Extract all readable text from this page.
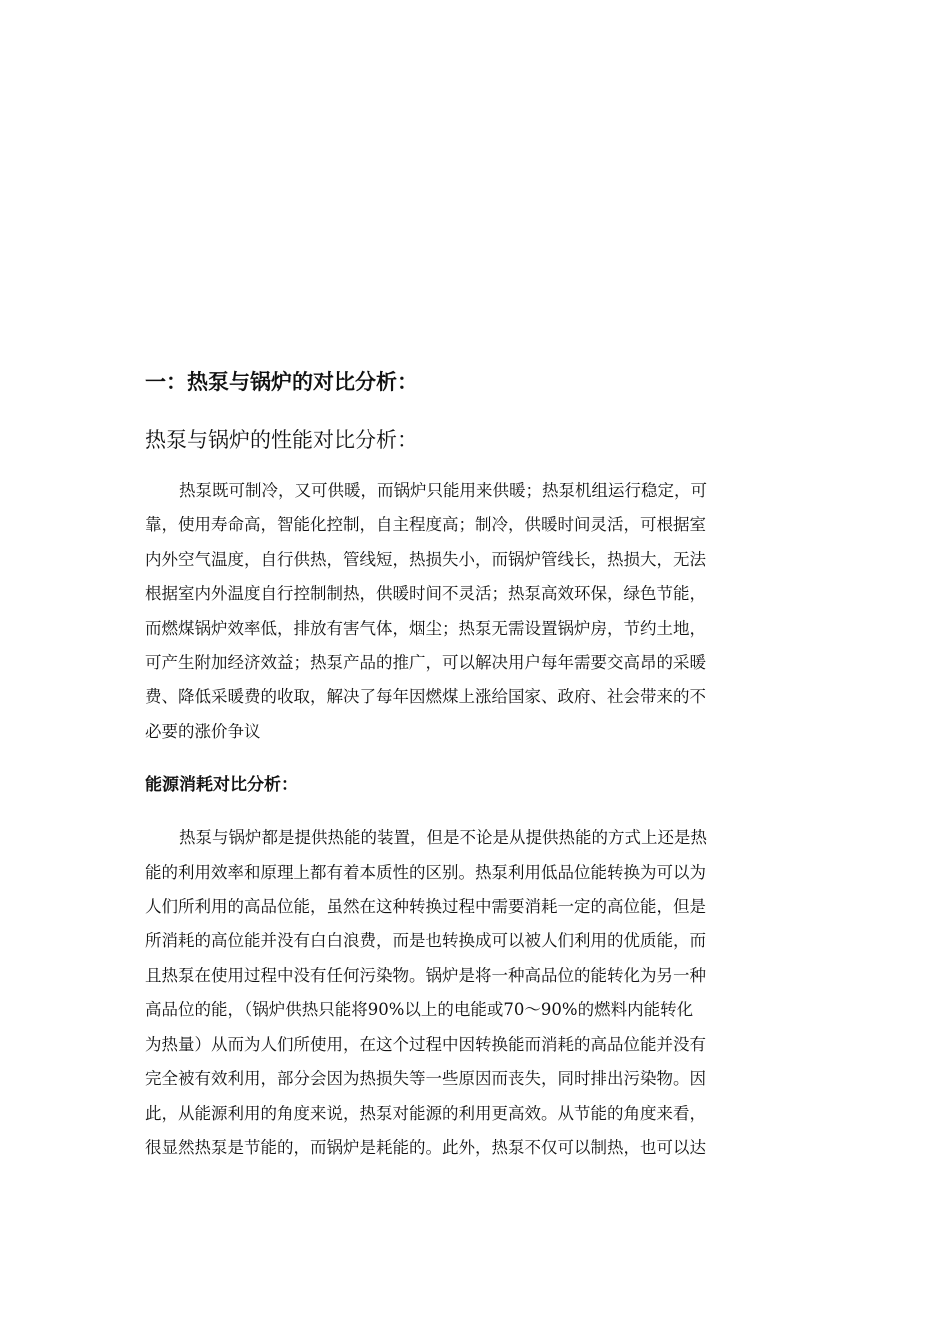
一：热泵与锅炉的对比分析：
热泵与锅炉的性能对比分析：

热泵既可制冷，又可供暖，而锅炉只能用来供暖；热泵机组运行稳定，可
靠，使用寿命高，智能化控制，自主程度高；制冷，供暖时间灵活，可根据室
内外空气温度，自行供热，管线短，热损失小，而锅炉管线长，热损大，无法
根据室内外温度自行控制制热，供暖时间不灵活；热泵高效环保，绿色节能，
而燃煤锅炉效率低，排放有害气体，烟尘；热泵无需设置锅炉房，节约土地，
可产生附加经济效益；热泵产品的推广，可以解决用户每年需要交高昂的采暖
费、降低采暖费的收取，解决了每年因燃煤上涨给国家、政府、社会带来的不
必要的涨价争议

能源消耗对比分析：

热泵与锅炉都是提供热能的装置，但是不论是从提供热能的方式上还是热
能的利用效率和原理上都有着本质性的区别。热泵利用低品位能转换为可以为
人们所利用的高品位能，虽然在这种转换过程中需要消耗一定的高位能，但是
所消耗的高位能并没有白白浪费，而是也转换成可以被人们利用的优质能，而
且热泵在使用过程中没有任何污染物。锅炉是将一种高品位的能转化为另一种
高品位的能，（锅炉供热只能将90%以上的电能或70～90%的燃料内能转化
为热量）从而为人们所使用，在这个过程中因转换能而消耗的高品位能并没有
完全被有效利用，部分会因为热损失等一些原因而丧失，同时排出污染物。因
此，从能源利用的角度来说，热泵对能源的利用更高效。从节能的角度来看，
很显然热泵是节能的，而锅炉是耗能的。此外，热泵不仅可以制热，也可以达
